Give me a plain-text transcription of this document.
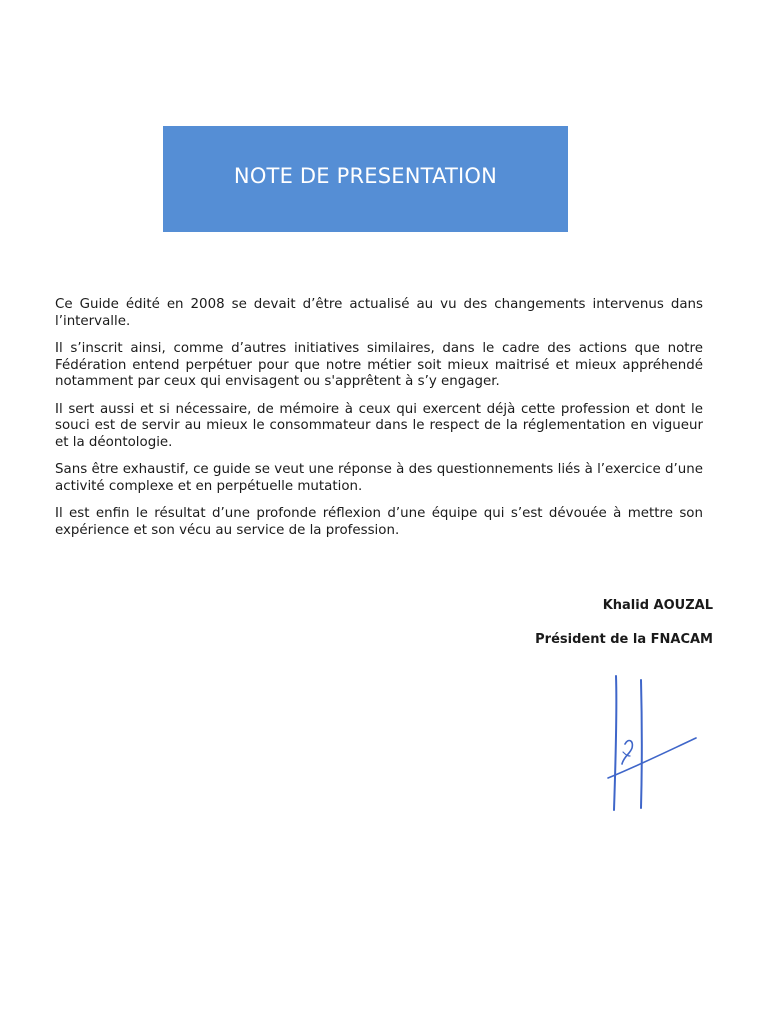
NOTE DE PRESENTATION

Ce Guide édité en 2008 se devait d’être actualisé au vu des changements intervenus dans l’intervalle.

Il s’inscrit ainsi, comme d’autres initiatives similaires, dans le cadre des actions que notre Fédération entend perpétuer pour que notre métier soit mieux maitrisé et mieux appréhendé notamment par ceux qui envisagent ou s'apprêtent à s’y engager.

Il sert aussi et si nécessaire, de mémoire à ceux qui exercent déjà cette profession et dont le souci est de servir au mieux le consommateur dans le respect de la réglementation en vigueur et la déontologie.

Sans être exhaustif, ce guide se veut une réponse à des questionnements liés à l’exercice d’une activité complexe et en perpétuelle mutation.

Il est enfin le résultat d’une profonde réflexion d’une équipe qui s’est dévouée à mettre son expérience et son vécu au service de la profession.

Khalid AOUZAL
Président de la FNACAM
